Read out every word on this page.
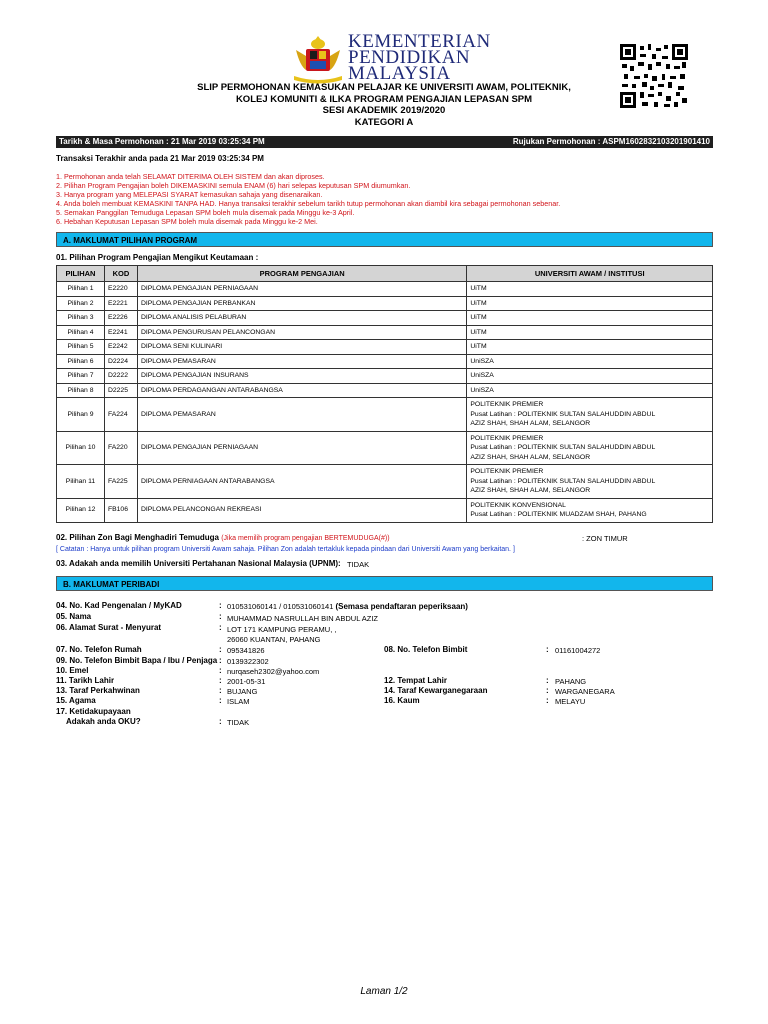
KEMENTERIAN
PENDIDIKAN
MALAYSIA
SLIP PERMOHONAN KEMASUKAN PELAJAR KE UNIVERSITI AWAM, POLITEKNIK,
KOLEJ KOMUNITI & ILKA PROGRAM PENGAJIAN LEPASAN SPM
SESI AKADEMIK 2019/2020
KATEGORI A
Tarikh & Masa Permohonan : 21 Mar 2019 03:25:34 PM	Rujukan Permohonan : ASPM1602832103201901410
Transaksi Terakhir anda pada 21 Mar 2019 03:25:34 PM
1. Permohonan anda telah SELAMAT DITERIMA OLEH SISTEM dan akan diproses.
2. Pilihan Program Pengajian boleh DIKEMASKINI semula ENAM (6) hari selepas keputusan SPM diumumkan.
3. Hanya program yang MELEPASI SYARAT kemasukan sahaja yang disenaraikan.
4. Anda boleh membuat KEMASKINI TANPA HAD. Hanya transaksi terakhir sebelum tarikh tutup permohonan akan diambil kira sebagai permohonan sebenar.
5. Semakan Panggilan Temuduga Lepasan SPM boleh mula disemak pada Minggu ke-3 April.
6. Hebahan Keputusan Lepasan SPM boleh mula disemak pada Minggu ke-2 Mei.
A. MAKLUMAT PILIHAN PROGRAM
01. Pilihan Program Pengajian Mengikut Keutamaan :
PILIHAN	KOD	PROGRAM PENGAJIAN	UNIVERSITI AWAM / INSTITUSI
Pilihan 1	E2220	DIPLOMA PENGAJIAN PERNIAGAAN	UiTM

Pilihan 2	E2221	DIPLOMA PENGAJIAN PERBANKAN	UiTM

Pilihan 3	E2226	DIPLOMA ANALISIS PELABURAN	UiTM

Pilihan 4	E2241	DIPLOMA PENGURUSAN PELANCONGAN	UiTM

Pilihan 5	E2242	DIPLOMA SENI KULINARI	UiTM

Pilihan 6	D2224	DIPLOMA PEMASARAN	UniSZA

Pilihan 7	D2222	DIPLOMA PENGAJIAN INSURANS	UniSZA

Pilihan 8	D2225	DIPLOMA PERDAGANGAN ANTARABANGSA	UniSZA

Pilihan 9	FA224	DIPLOMA PEMASARAN	POLITEKNIK PREMIER
Pusat Latihan : POLITEKNIK SULTAN SALAHUDDIN ABDUL
AZIZ SHAH, SHAH ALAM, SELANGOR

Pilihan 10	FA220	DIPLOMA PENGAJIAN PERNIAGAAN	POLITEKNIK PREMIER
Pusat Latihan : POLITEKNIK SULTAN SALAHUDDIN ABDUL
AZIZ SHAH, SHAH ALAM, SELANGOR

Pilihan 11	FA225	DIPLOMA PERNIAGAAN ANTARABANGSA	POLITEKNIK PREMIER
Pusat Latihan : POLITEKNIK SULTAN SALAHUDDIN ABDUL
AZIZ SHAH, SHAH ALAM, SELANGOR

Pilihan 12	FB106	DIPLOMA PELANCONGAN REKREASI	POLITEKNIK KONVENSIONAL
Pusat Latihan : POLITEKNIK MUADZAM SHAH, PAHANG
02. Pilihan Zon Bagi Menghadiri Temuduga (Jika memilih program pengajian BERTEMUDUGA(#))	: ZON TIMUR
[ Catatan : Hanya untuk pilihan program Universiti Awam sahaja. Pilihan Zon adalah tertakluk kepada pindaan dari Universiti Awam yang berkaitan. ]
03. Adakah anda memilih Universiti Pertahanan Nasional Malaysia (UPNM) : TIDAK
B. MAKLUMAT PERIBADI
04. No. Kad Pengenalan / MyKAD	: 010531060141 / 010531060141 (Semasa pendaftaran peperiksaan)
05. Nama	: MUHAMMAD NASRULLAH BIN ABDUL AZIZ
06. Alamat Surat - Menyurat	: LOT 171 KAMPUNG PERAMU, ,
26060 KUANTAN, PAHANG
07. No. Telefon Rumah	: 095341826	08. No. Telefon Bimbit	: 01161004272
09. No. Telefon Bimbit Bapa / Ibu / Penjaga : 0139322302
10. Emel	: nurqaseh2302@yahoo.com
11. Tarikh Lahir	: 2001-05-31	12. Tempat Lahir	: PAHANG
13. Taraf Perkahwinan	: BUJANG	14. Taraf Kewarganegaraan	: WARGANEGARA
15. Agama	: ISLAM	16. Kaum	: MELAYU
17. Ketidakupayaan
Adakah anda OKU?	: TIDAK
Laman 1/2
